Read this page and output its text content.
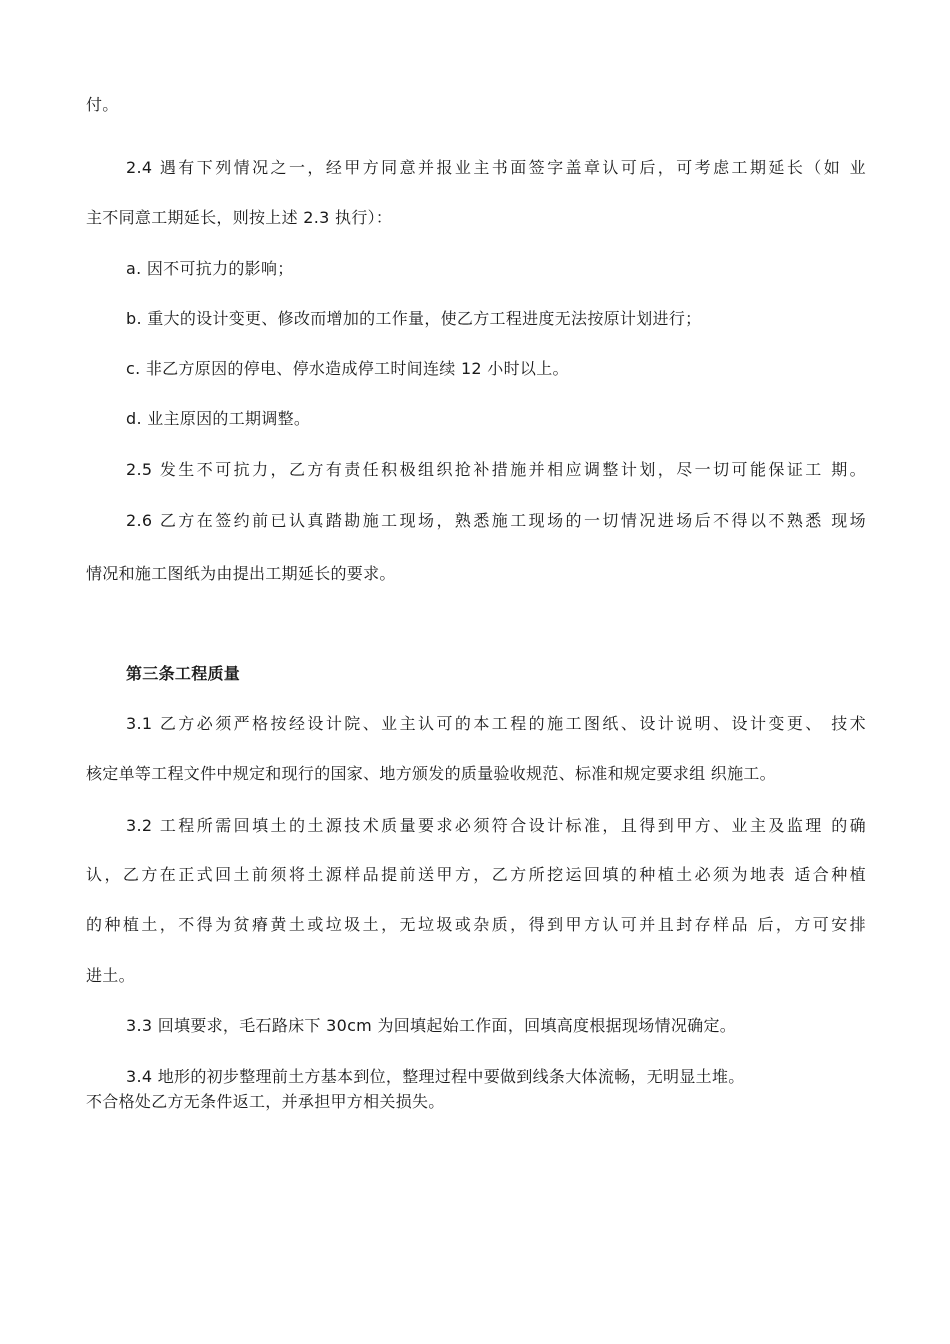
付。
2.4 遇有下列情况之一，经甲方同意并报业主书面签字盖章认可后，可考虑工期延长（如 业
主不同意工期延长，则按上述 2.3 执行）：
a. 因不可抗力的影响；
b. 重大的设计变更、修改而增加的工作量，使乙方工程进度无法按原计划进行；
c. 非乙方原因的停电、停水造成停工时间连续 12 小时以上。
d. 业主原因的工期调整。
2.5 发生不可抗力，乙方有责任积极组织抢补措施并相应调整计划，尽一切可能保证工 期。
2.6 乙方在签约前已认真踏勘施工现场，熟悉施工现场的一切情况进场后不得以不熟悉 现场
情况和施工图纸为由提出工期延长的要求。
第三条工程质量
3.1 乙方必须严格按经设计院、业主认可的本工程的施工图纸、设计说明、设计变更、 技术
核定单等工程文件中规定和现行的国家、地方颁发的质量验收规范、标准和规定要求组 织施工。
3.2 工程所需回填土的土源技术质量要求必须符合设计标准，且得到甲方、业主及监理 的确
认，乙方在正式回土前须将土源样品提前送甲方，乙方所挖运回填的种植土必须为地表 适合种植
的种植土，不得为贫瘠黄土或垃圾土，无垃圾或杂质，得到甲方认可并且封存样品 后，方可安排
进土。
3.3 回填要求，毛石路床下 30cm 为回填起始工作面，回填高度根据现场情况确定。
3.4 地形的初步整理前土方基本到位，整理过程中要做到线条大体流畅，无明显土堆。
不合格处乙方无条件返工，并承担甲方相关损失。
